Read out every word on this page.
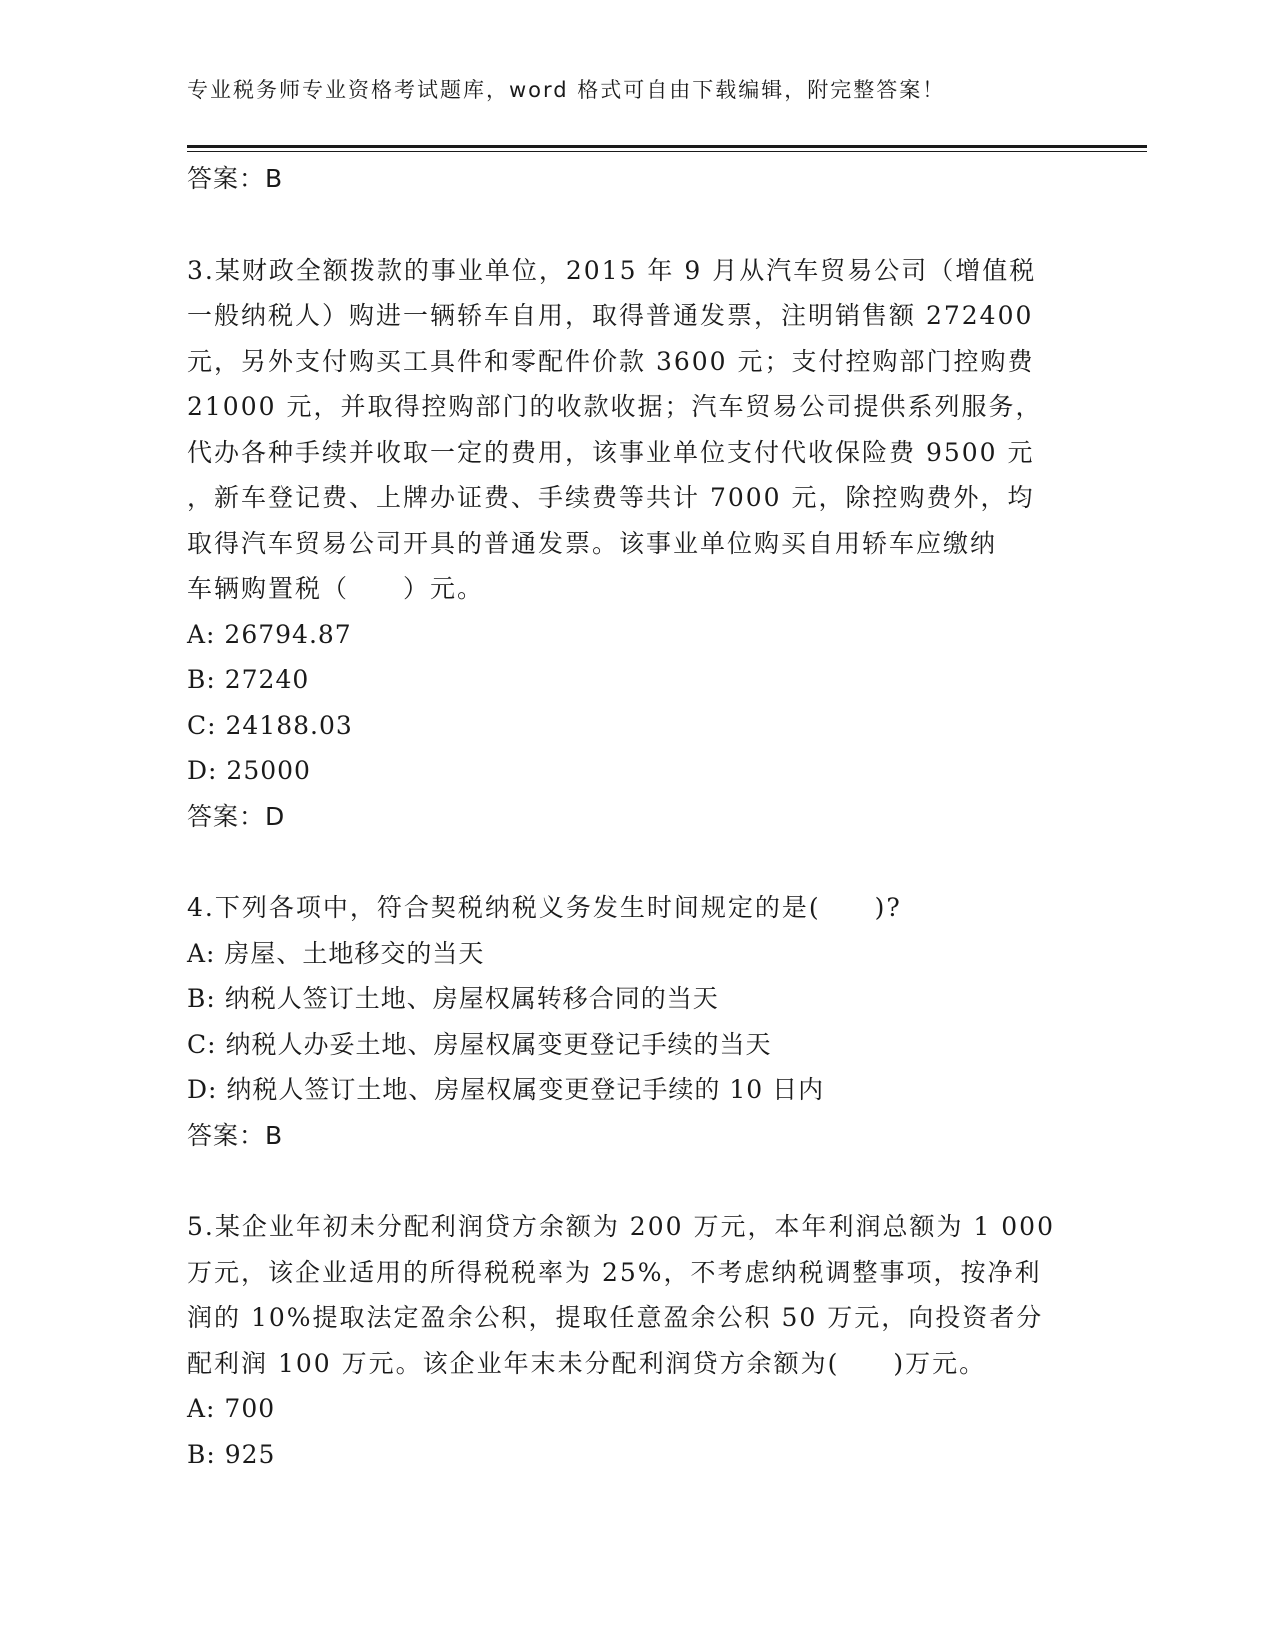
专业税务师专业资格考试题库，word 格式可自由下载编辑，附完整答案！
答案：B
3.某财政全额拨款的事业单位，2015 年 9 月从汽车贸易公司（增值税
一般纳税人）购进一辆轿车自用，取得普通发票，注明销售额 272400
元，另外支付购买工具件和零配件价款 3600 元；支付控购部门控购费
21000 元，并取得控购部门的收款收据；汽车贸易公司提供系列服务，
代办各种手续并收取一定的费用，该事业单位支付代收保险费 9500 元
，新车登记费、上牌办证费、手续费等共计 7000 元，除控购费外，均
取得汽车贸易公司开具的普通发票。该事业单位购买自用轿车应缴纳
车辆购置税（　　）元。
A: 26794.87
B: 27240
C: 24188.03
D: 25000
答案：D
4.下列各项中，符合契税纳税义务发生时间规定的是(　　)?
A: 房屋、土地移交的当天
B: 纳税人签订土地、房屋权属转移合同的当天
C: 纳税人办妥土地、房屋权属变更登记手续的当天
D: 纳税人签订土地、房屋权属变更登记手续的 10 日内
答案：B
5.某企业年初未分配利润贷方余额为 200 万元，本年利润总额为 1 000
万元，该企业适用的所得税税率为 25%，不考虑纳税调整事项，按净利
润的 10%提取法定盈余公积，提取任意盈余公积 50 万元，向投资者分
配利润 100 万元。该企业年末未分配利润贷方余额为(　　)万元。
A: 700
B: 925
